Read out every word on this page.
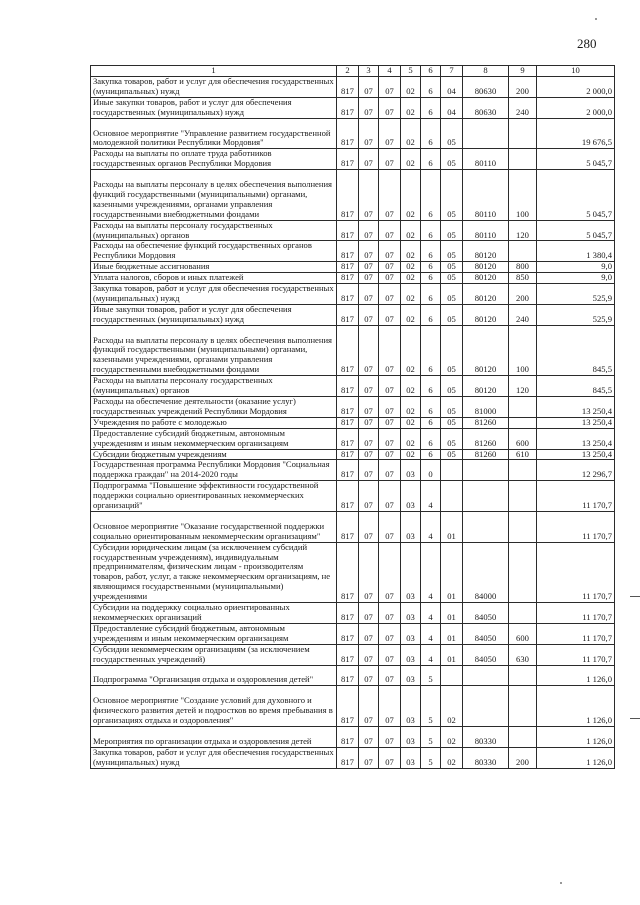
280
1	2	3	4	5	6	7	8	9	10
Закупка товаров, работ и услуг для обеспечения государственных (муниципальных) нужд	817	07	07	02	6	04	80630	200	2 000,0
Иные закупки товаров, работ и услуг для обеспечения государственных (муниципальных) нужд	817	07	07	02	6	04	80630	240	2 000,0
Основное мероприятие "Управление развитием государственной молодежной политики Республики Мордовия"	817	07	07	02	6	05			19 676,5
Расходы на выплаты по оплате труда работников государственных органов Республики Мордовия	817	07	07	02	6	05	80110		5 045,7
Расходы на выплаты персоналу в целях обеспечения выполнения функций государственными (муниципальными) органами, казенными учреждениями, органами управления государственными внебюджетными фондами	817	07	07	02	6	05	80110	100	5 045,7
Расходы на выплаты персоналу государственных (муниципальных) органов	817	07	07	02	6	05	80110	120	5 045,7
Расходы на обеспечение функций государственных органов Республики Мордовия	817	07	07	02	6	05	80120		1 380,4
Иные бюджетные ассигнования	817	07	07	02	6	05	80120	800	9,0
Уплата налогов, сборов и иных платежей	817	07	07	02	6	05	80120	850	9,0
Закупка товаров, работ и услуг для обеспечения государственных (муниципальных) нужд	817	07	07	02	6	05	80120	200	525,9
Иные закупки товаров, работ и услуг для обеспечения государственных (муниципальных) нужд	817	07	07	02	6	05	80120	240	525,9
Расходы на выплаты персоналу в целях обеспечения выполнения функций государственными (муниципальными) органами, казенными учреждениями, органами управления государственными внебюджетными фондами	817	07	07	02	6	05	80120	100	845,5
Расходы на выплаты персоналу государственных (муниципальных) органов	817	07	07	02	6	05	80120	120	845,5
Расходы на обеспечение деятельности (оказание услуг) государственных учреждений Республики Мордовия	817	07	07	02	6	05	81000		13 250,4
Учреждения по работе с молодежью	817	07	07	02	6	05	81260		13 250,4
Предоставление субсидий бюджетным, автономным учреждениям и иным некоммерческим организациям	817	07	07	02	6	05	81260	600	13 250,4
Субсидии бюджетным учреждениям	817	07	07	02	6	05	81260	610	13 250,4
Государственная программа Республики Мордовия "Социальная поддержка граждан" на 2014-2020 годы	817	07	07	03	0				12 296,7
Подпрограмма "Повышение эффективности государственной поддержки социально ориентированных некоммерческих организаций"	817	07	07	03	4				11 170,7
Основное мероприятие "Оказание государственной поддержки социально ориентированным некоммерческим организациям"	817	07	07	03	4	01			11 170,7
Субсидии юридическим лицам (за исключением субсидий государственным учреждениям), индивидуальным предпринимателям, физическим лицам - производителям товаров, работ, услуг, а также некоммерческим организациям, не являющимся государственными (муниципальными) учреждениями	817	07	07	03	4	01	84000		11 170,7
Субсидии на поддержку социально ориентированных некоммерческих организаций	817	07	07	03	4	01	84050		11 170,7
Предоставление субсидий бюджетным, автономным учреждениям и иным некоммерческим организациям	817	07	07	03	4	01	84050	600	11 170,7
Субсидии некоммерческим организациям (за исключением государственных учреждений)	817	07	07	03	4	01	84050	630	11 170,7
Подпрограмма "Организация отдыха и оздоровления детей"	817	07	07	03	5				1 126,0
Основное мероприятие "Создание условий для духовного и физического развития детей и подростков во время пребывания в организациях отдыха и оздоровления"	817	07	07	03	5	02			1 126,0
Мероприятия по организации отдыха и оздоровления детей	817	07	07	03	5	02	80330		1 126,0
Закупка товаров, работ и услуг для обеспечения государственных (муниципальных) нужд	817	07	07	03	5	02	80330	200	1 126,0
